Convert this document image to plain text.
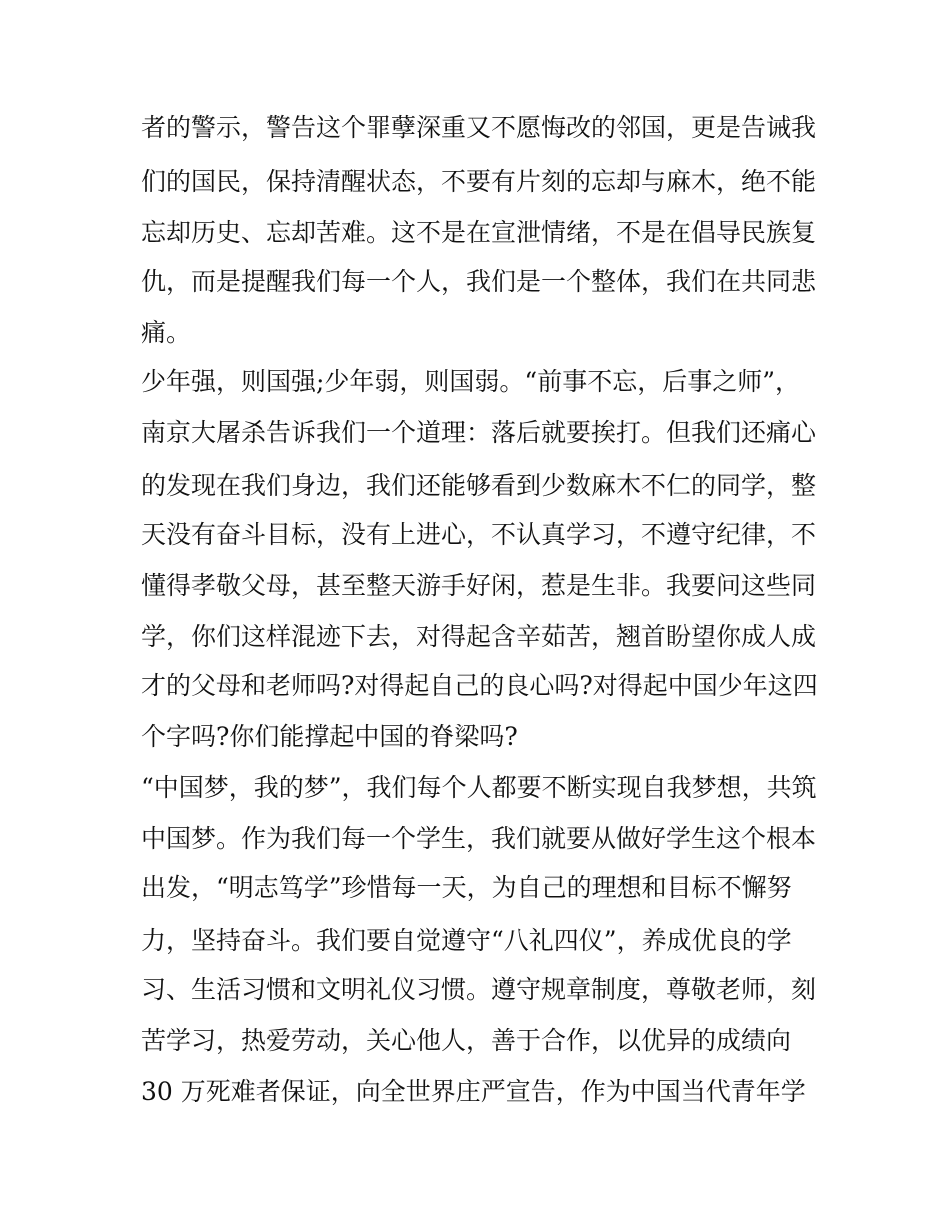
者的警示，警告这个罪孽深重又不愿悔改的邻国，更是告诫我
们的国民，保持清醒状态，不要有片刻的忘却与麻木，绝不能
忘却历史、忘却苦难。这不是在宣泄情绪，不是在倡导民族复
仇，而是提醒我们每一个人，我们是一个整体，我们在共同悲
痛。
少年强，则国强;少年弱，则国弱。“前事不忘，后事之师”，
南京大屠杀告诉我们一个道理：落后就要挨打。但我们还痛心
的发现在我们身边，我们还能够看到少数麻木不仁的同学，整
天没有奋斗目标，没有上进心，不认真学习，不遵守纪律，不
懂得孝敬父母，甚至整天游手好闲，惹是生非。我要问这些同
学，你们这样混迹下去，对得起含辛茹苦，翘首盼望你成人成
才的父母和老师吗?对得起自己的良心吗?对得起中国少年这四
个字吗?你们能撑起中国的脊梁吗?
“中国梦，我的梦”，我们每个人都要不断实现自我梦想，共筑
中国梦。作为我们每一个学生，我们就要从做好学生这个根本
出发，“明志笃学”珍惜每一天，为自己的理想和目标不懈努
力，坚持奋斗。我们要自觉遵守“八礼四仪”，养成优良的学
习、生活习惯和文明礼仪习惯。遵守规章制度，尊敬老师，刻
苦学习，热爱劳动，关心他人，善于合作，以优异的成绩向
30 万死难者保证，向全世界庄严宣告，作为中国当代青年学
